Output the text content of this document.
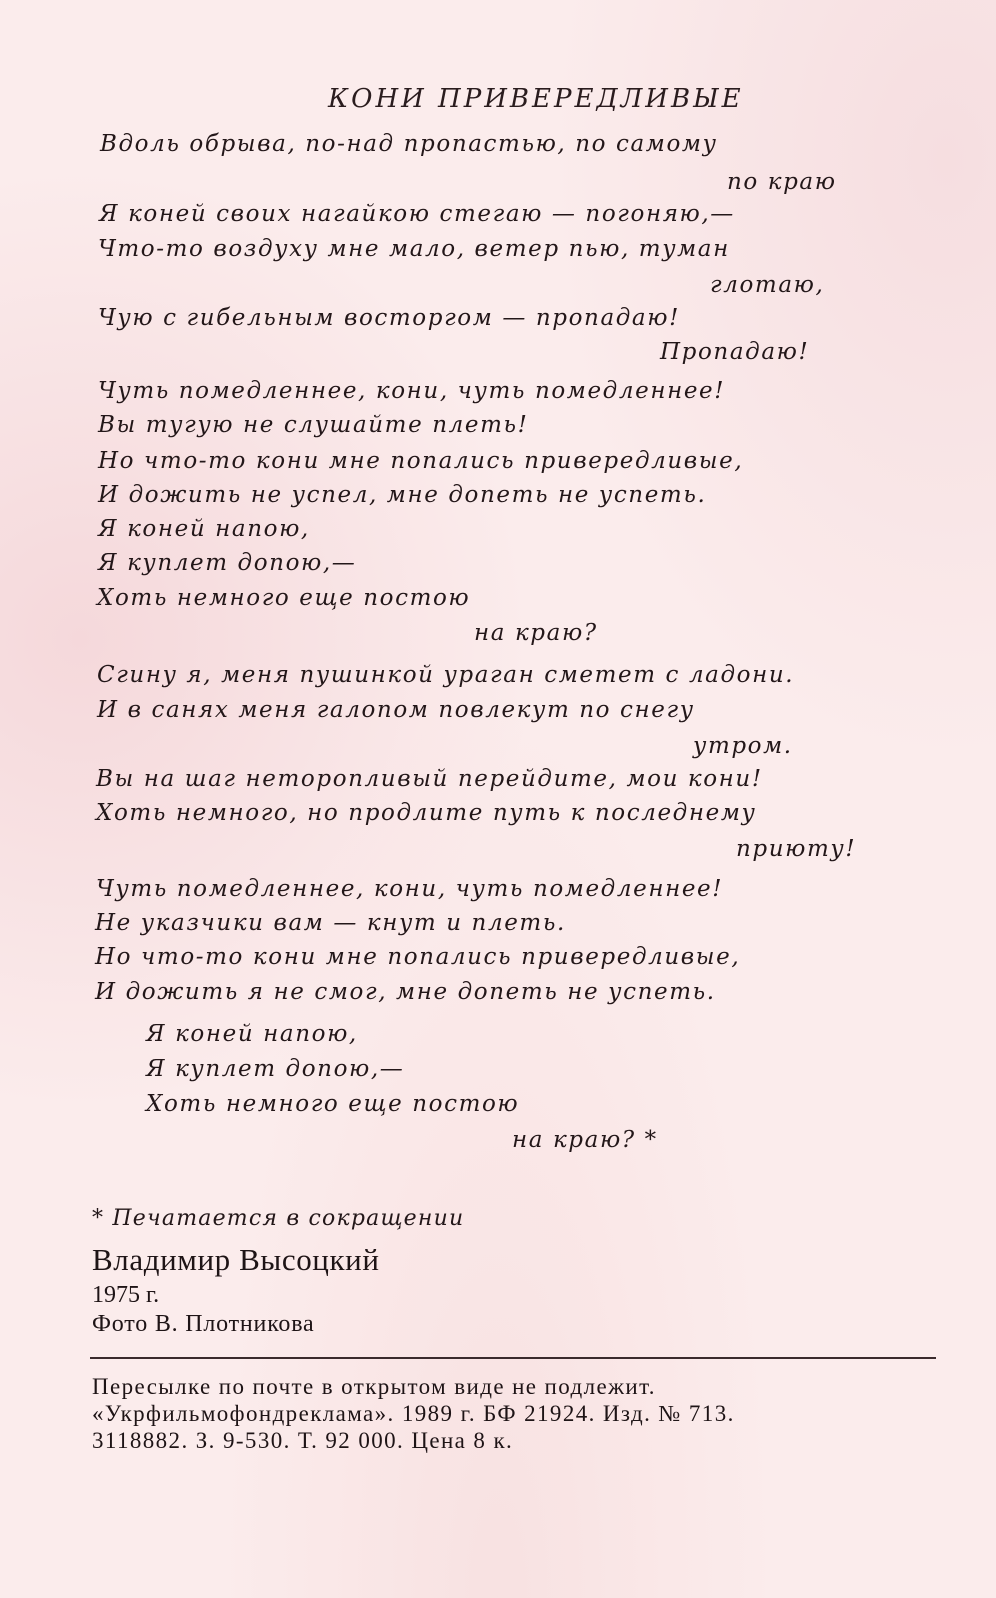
КОНИ ПРИВЕРЕДЛИВЫЕ
Вдоль обрыва, по-над пропастью, по самому
по краю
Я коней своих нагайкою стегаю — погоняю,—
Что-то воздуху мне мало, ветер пью, туман
глотаю,
Чую с гибельным восторгом — пропадаю!
Пропадаю!
Чуть помедленнее, кони, чуть помедленнее!
Вы тугую не слушайте плеть!
Но что-то кони мне попались привередливые,
И дожить не успел, мне допеть не успеть.
Я коней напою,
Я куплет допою,—
Хоть немного еще постою
на краю?
Сгину я, меня пушинкой ураган сметет с ладони.
И в санях меня галопом повлекут по снегу
утром.
Вы на шаг неторопливый перейдите, мои кони!
Хоть немного, но продлите путь к последнему
приюту!
Чуть помедленнее, кони, чуть помедленнее!
Не указчики вам — кнут и плеть.
Но что-то кони мне попались привередливые,
И дожить я не смог, мне допеть не успеть.
Я коней напою,
Я куплет допою,—
Хоть немного еще постою
на краю? *
* Печатается в сокращении
Владимир Высоцкий
1975 г.
Фото В. Плотникова
Пересылке по почте в открытом виде не подлежит.
«Укрфильмофондреклама». 1989 г. БФ 21924. Изд. № 713.
3118882. З. 9-530. Т. 92 000. Цена 8 к.
